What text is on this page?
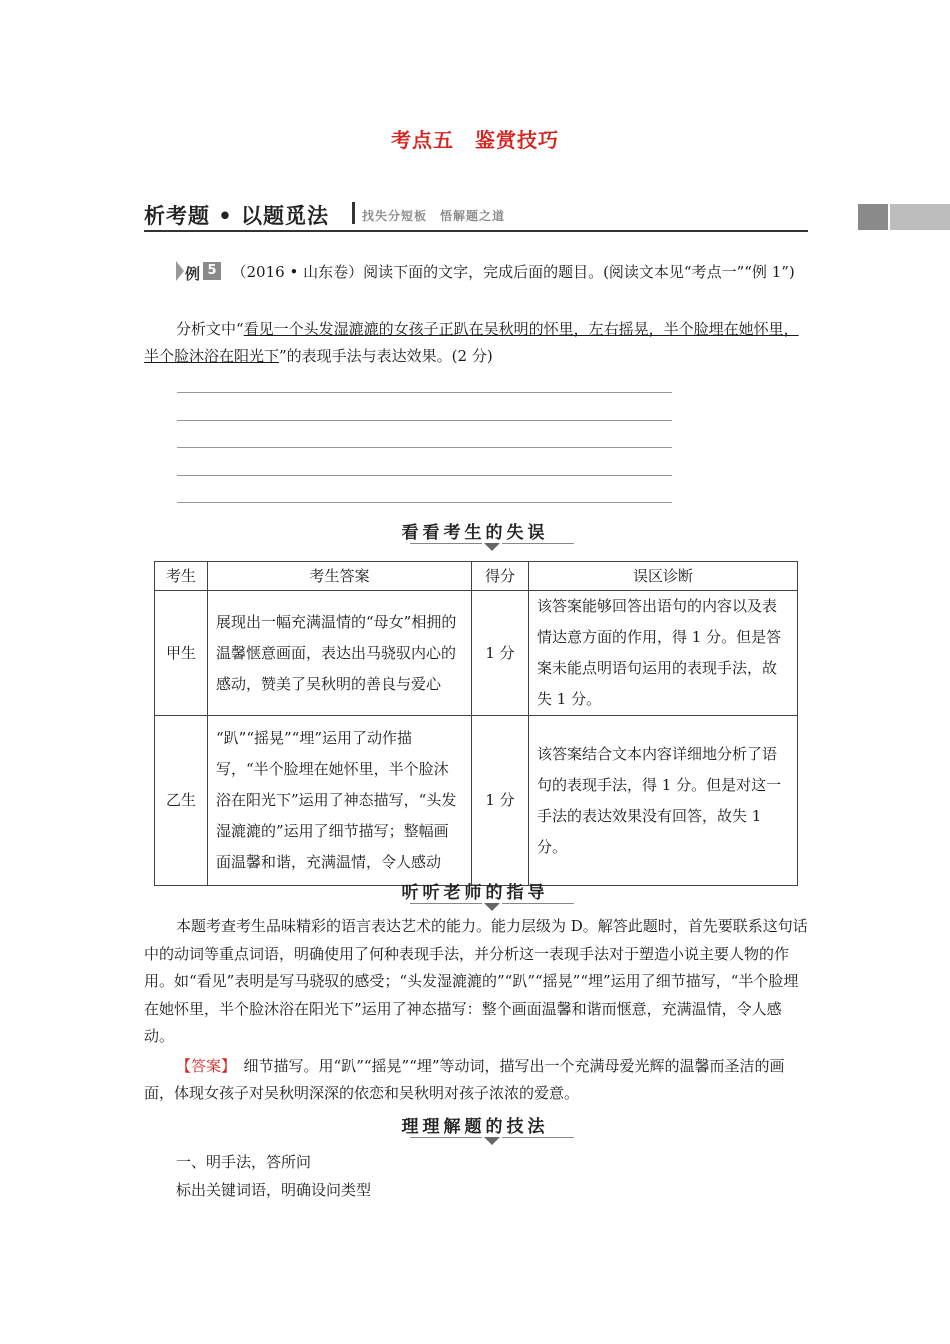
考点五　鉴赏技巧
析考题 • 以题觅法	找失分短板　悟解题之道
例 5
　 （2016 • 山东卷）阅读下面的文字，完成后面的题目。(阅读文本见“考点一”“例 1”)
分析文中“看见一个头发湿漉漉的女孩子正趴在吴秋明的怀里，左右摇晃，半个脸埋在她怀里，半个脸沐浴在阳光下”的表现手法与表达效果。(2 分)
看看考生的失误
考生	考生答案	得分	误区诊断
甲生	展现出一幅充满温情的“母女”相拥的温馨惬意画面，表达出马骁驭内心的感动，赞美了吴秋明的善良与爱心	1 分	该答案能够回答出语句的内容以及表情达意方面的作用，得 1 分。但是答案未能点明语句运用的表现手法，故失 1 分。
乙生	“趴”“摇晃”“埋”运用了动作描写，“半个脸埋在她怀里，半个脸沐浴在阳光下”运用了神态描写，“头发湿漉漉的”运用了细节描写；整幅画面温馨和谐，充满温情，令人感动	1 分	该答案结合文本内容详细地分析了语句的表现手法，得 1 分。但是对这一手法的表达效果没有回答，故失 1 分。
听听老师的指导
本题考查考生品味精彩的语言表达艺术的能力。能力层级为 D。解答此题时，首先要联系这句话中的动词等重点词语，明确使用了何种表现手法，并分析这一表现手法对于塑造小说主要人物的作用。如“看见”表明是写马骁驭的感受；“头发湿漉漉的”“趴”“摇晃”“埋”运用了细节描写，“半个脸埋在她怀里，半个脸沐浴在阳光下”运用了神态描写：整个画面温馨和谐而惬意，充满温情，令人感动。
【答案】　 细节描写。用“趴”“摇晃”“埋”等动词，描写出一个充满母爱光辉的温馨而圣洁的画面，体现女孩子对吴秋明深深的依恋和吴秋明对孩子浓浓的爱意。
理理解题的技法
一、明手法，答所问
标出关键词语，明确设问类型
